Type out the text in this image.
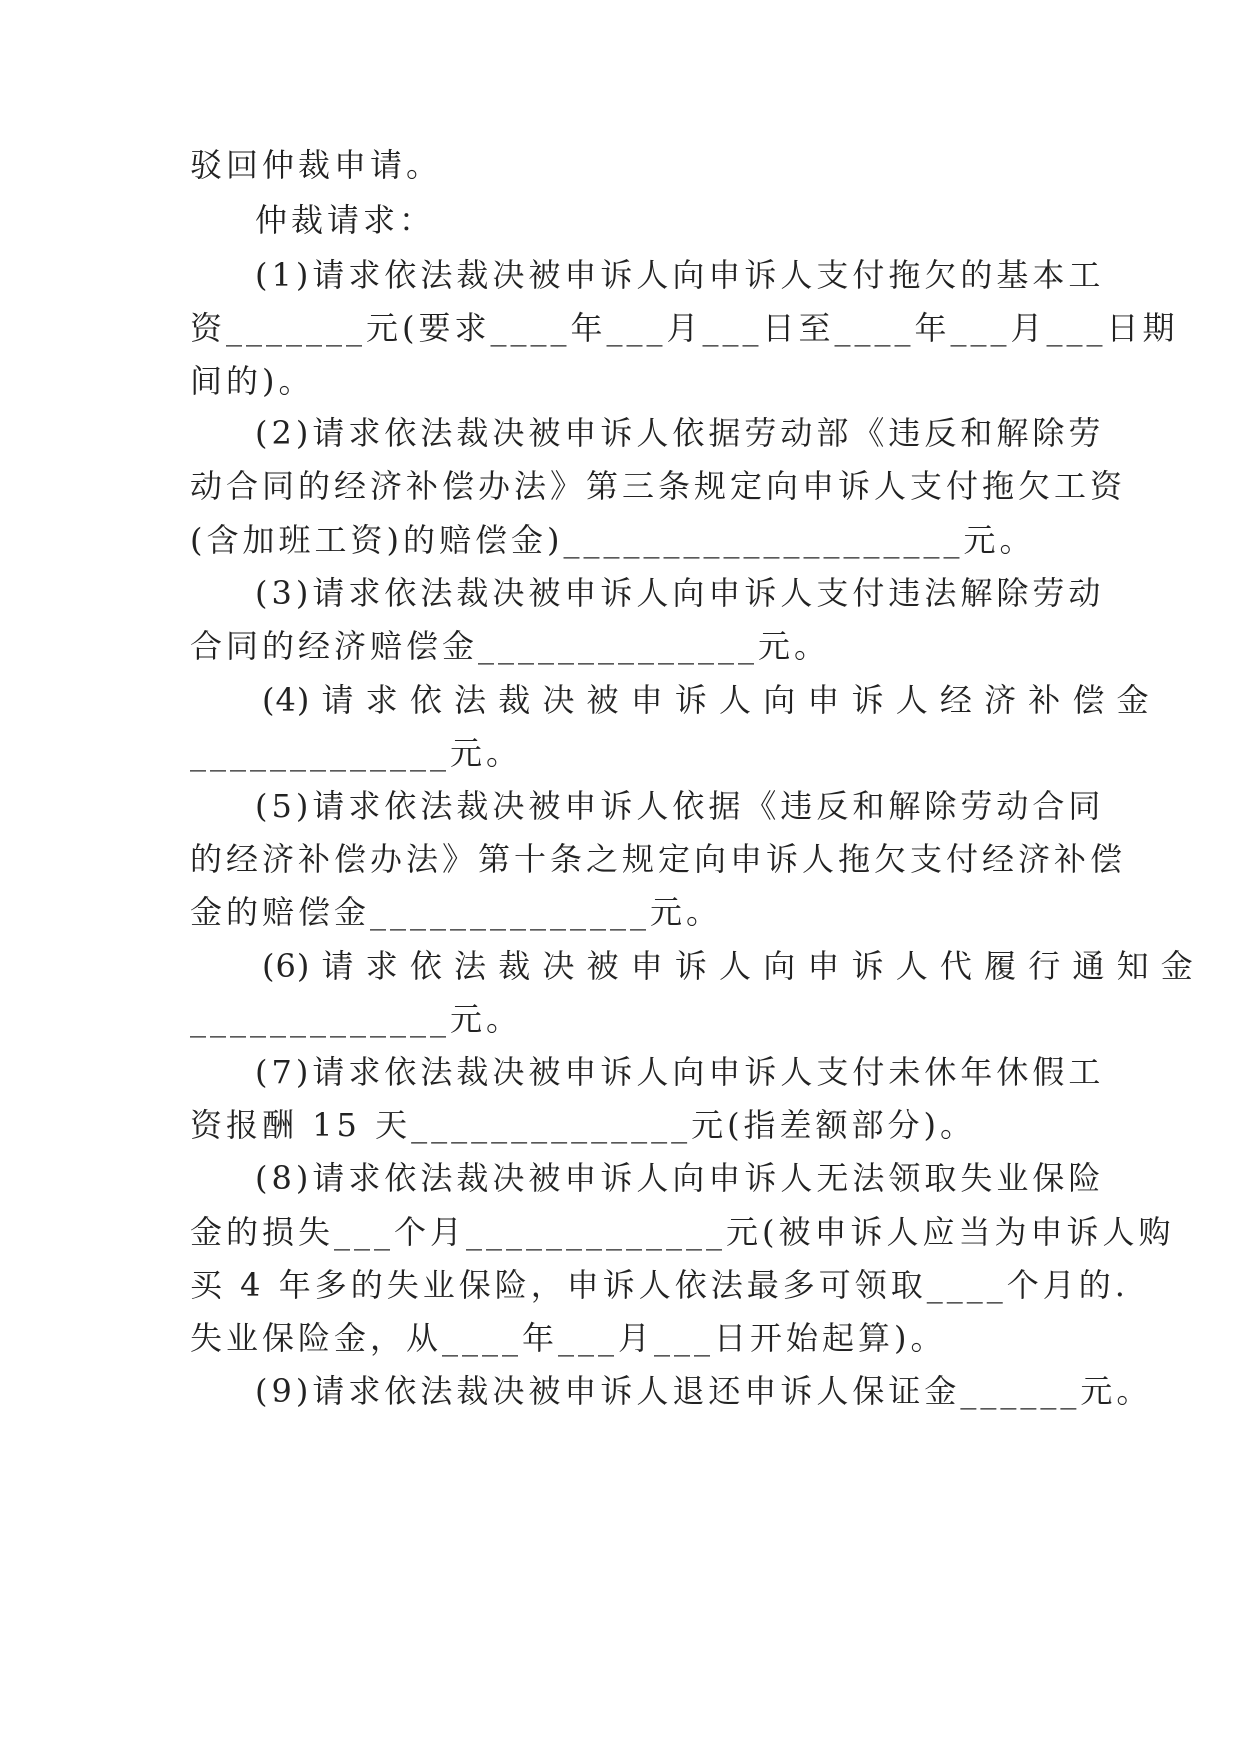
驳回仲裁申请。
仲裁请求：
(1)请求依法裁决被申诉人向申诉人支付拖欠的基本工
资_______元(要求____年___月___日至____年___月___日期
间的)。
(2)请求依法裁决被申诉人依据劳动部《违反和解除劳
动合同的经济补偿办法》第三条规定向申诉人支付拖欠工资
(含加班工资)的赔偿金)____________________元。
(3)请求依法裁决被申诉人向申诉人支付违法解除劳动
合同的经济赔偿金______________元。
(4) 请 求 依 法 裁 决 被 申 诉 人 向 申 诉 人 经 济 补 偿 金
_____________元。
(5)请求依法裁决被申诉人依据《违反和解除劳动合同
的经济补偿办法》第十条之规定向申诉人拖欠支付经济补偿
金的赔偿金______________元。
(6) 请 求 依 法 裁 决 被 申 诉 人 向 申 诉 人 代 履 行 通 知 金
_____________元。
(7)请求依法裁决被申诉人向申诉人支付未休年休假工
资报酬 15 天______________元(指差额部分)。
(8)请求依法裁决被申诉人向申诉人无法领取失业保险
金的损失___个月_____________元(被申诉人应当为申诉人购
买 4 年多的失业保险，申诉人依法最多可领取____个月的.
失业保险金，从____年___月___日开始起算)。
(9)请求依法裁决被申诉人退还申诉人保证金______元。
